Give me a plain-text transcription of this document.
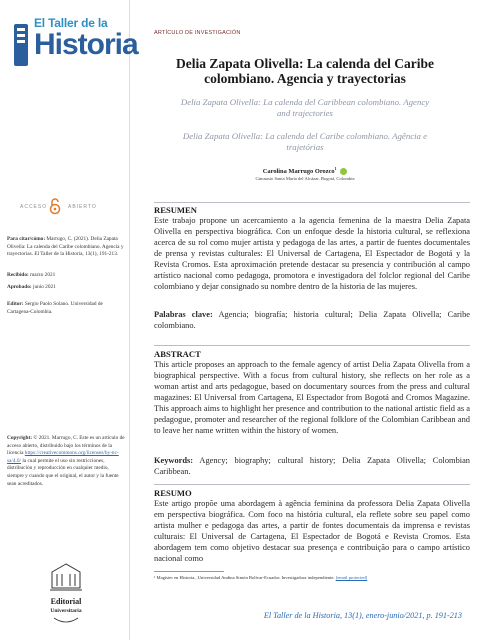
El Taller de la
Historia
ACCESO	ABIERTO
Para citar/cómo: Marrugo, C. (2021). Delia Zapata Olivella: La calenda del Caribe colombiano. Agencia y trayectorias. El Taller de la Historia, 13(1), 191-213.
Recibido: marzo 2021
Aprobado: junio 2021
Editor: Sergio Paolo Solano. Universidad de Cartagena-Colombia.
Copyright: © 2021. Marrugo, C. Este es un artículo de acceso abierto, distribuido bajo los términos de la licencia https://creativecommons.org/licenses/by-nc-sa/4.0/ la cual permite el uso sin restricciones, distribución y reproducción en cualquier medio, siempre y cuando que el original, el autor y la fuente sean acreditados.
Editorial
Universitaria
ARTÍCULO DE INVESTIGACIÓN
Delia Zapata Olivella: La calenda del Caribe
colombiano. Agencia y trayectorias
Delia Zapata Olivella: La calenda del Caribbean colombiano. Agency
and trajectories
Delia Zapata Olivella: La calenda del Caribe colombiano. Agência e
trajetórias
Carolina Marrugo Orozco$^1$
Gimnasio Santa María del Alcázar, Bogotá, Colombia
RESUMEN
Este trabajo propone un acercamiento a la agencia femenina de la maestra Delia Zapata Olivella en perspectiva biográfica. Con un enfoque desde la historia cultural, se reflexiona acerca de su rol como mujer artista y pedagoga de las artes, a partir de fuentes documentales de prensa y revistas culturales: El Universal de Cartagena, El Espectador de Bogotá y la Revista Cromos. Esta aproximación pretende destacar su presencia y contribución al campo artístico nacional como pedagoga, promotora e investigadora del folclor regional del Caribe colombiano y dejar consignado su nombre dentro de la historia de las mujeres.
Palabras clave: Agencia; biografía; historia cultural; Delia Zapata Olivella; Caribe colombiano.
ABSTRACT
This article proposes an approach to the female agency of artist Delia Zapata Olivella from a biographical perspective. With a focus from cultural history, she reflects on her role as a woman artist and arts pedagogue, based on documentary sources from the press and cultural magazines: El Universal from Cartagena, El Espectador from Bogotá and Cromos Magazine. This approach aims to highlight her presence and contribution to the national artistic field as a pedagogue, promoter and researcher of the regional folklore of the Colombian Caribbean and to leave her name written within the history of women.
Keywords: Agency; biography; cultural history; Delia Zapata Olivella; Colombian Caribbean.
RESUMO
Este artigo propõe uma abordagem à agência feminina da professora Delia Zapata Olivella em perspectiva biográfica. Com foco na história cultural, ela reflete sobre seu papel como artista mulher e pedagoga das artes, a partir de fontes documentais da imprensa e revistas culturais: El Universal de Cartagena, El Espectador de Bogotá e Revista Cromos. Esta abordagem tem como objetivo destacar sua presença e contribuição para o campo artístico nacional como
¹ Magíster en Historia., Universidad Andina Simón Bolívar-Ecuador. Investigadora independiente. [email protected]
El Taller de la Historia, 13(1), enero-junio/2021, p. 191-213
